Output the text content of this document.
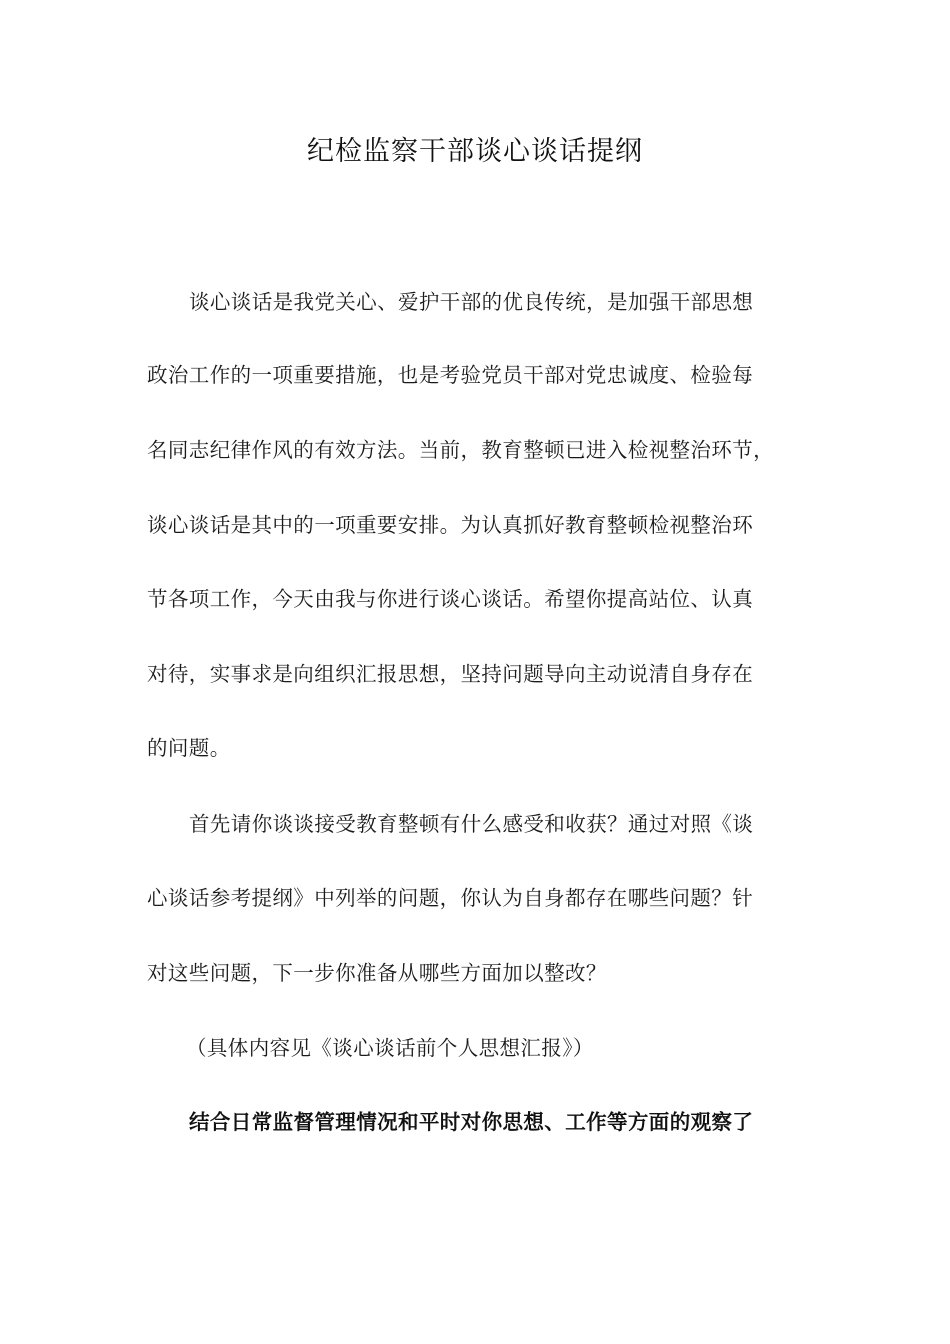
纪检监察干部谈心谈话提纲

谈心谈话是我党关心、爱护干部的优良传统，是加强干部思想

政治工作的一项重要措施，也是考验党员干部对党忠诚度、检验每

名同志纪律作风的有效方法。当前，教育整顿已进入检视整治环节，

谈心谈话是其中的一项重要安排。为认真抓好教育整顿检视整治环

节各项工作，今天由我与你进行谈心谈话。希望你提高站位、认真

对待，实事求是向组织汇报思想，坚持问题导向主动说清自身存在

的问题。

首先请你谈谈接受教育整顿有什么感受和收获？通过对照《谈

心谈话参考提纲》中列举的问题，你认为自身都存在哪些问题？针

对这些问题，下一步你准备从哪些方面加以整改？

（具体内容见《谈心谈话前个人思想汇报》）

结合日常监督管理情况和平时对你思想、工作等方面的观察了
